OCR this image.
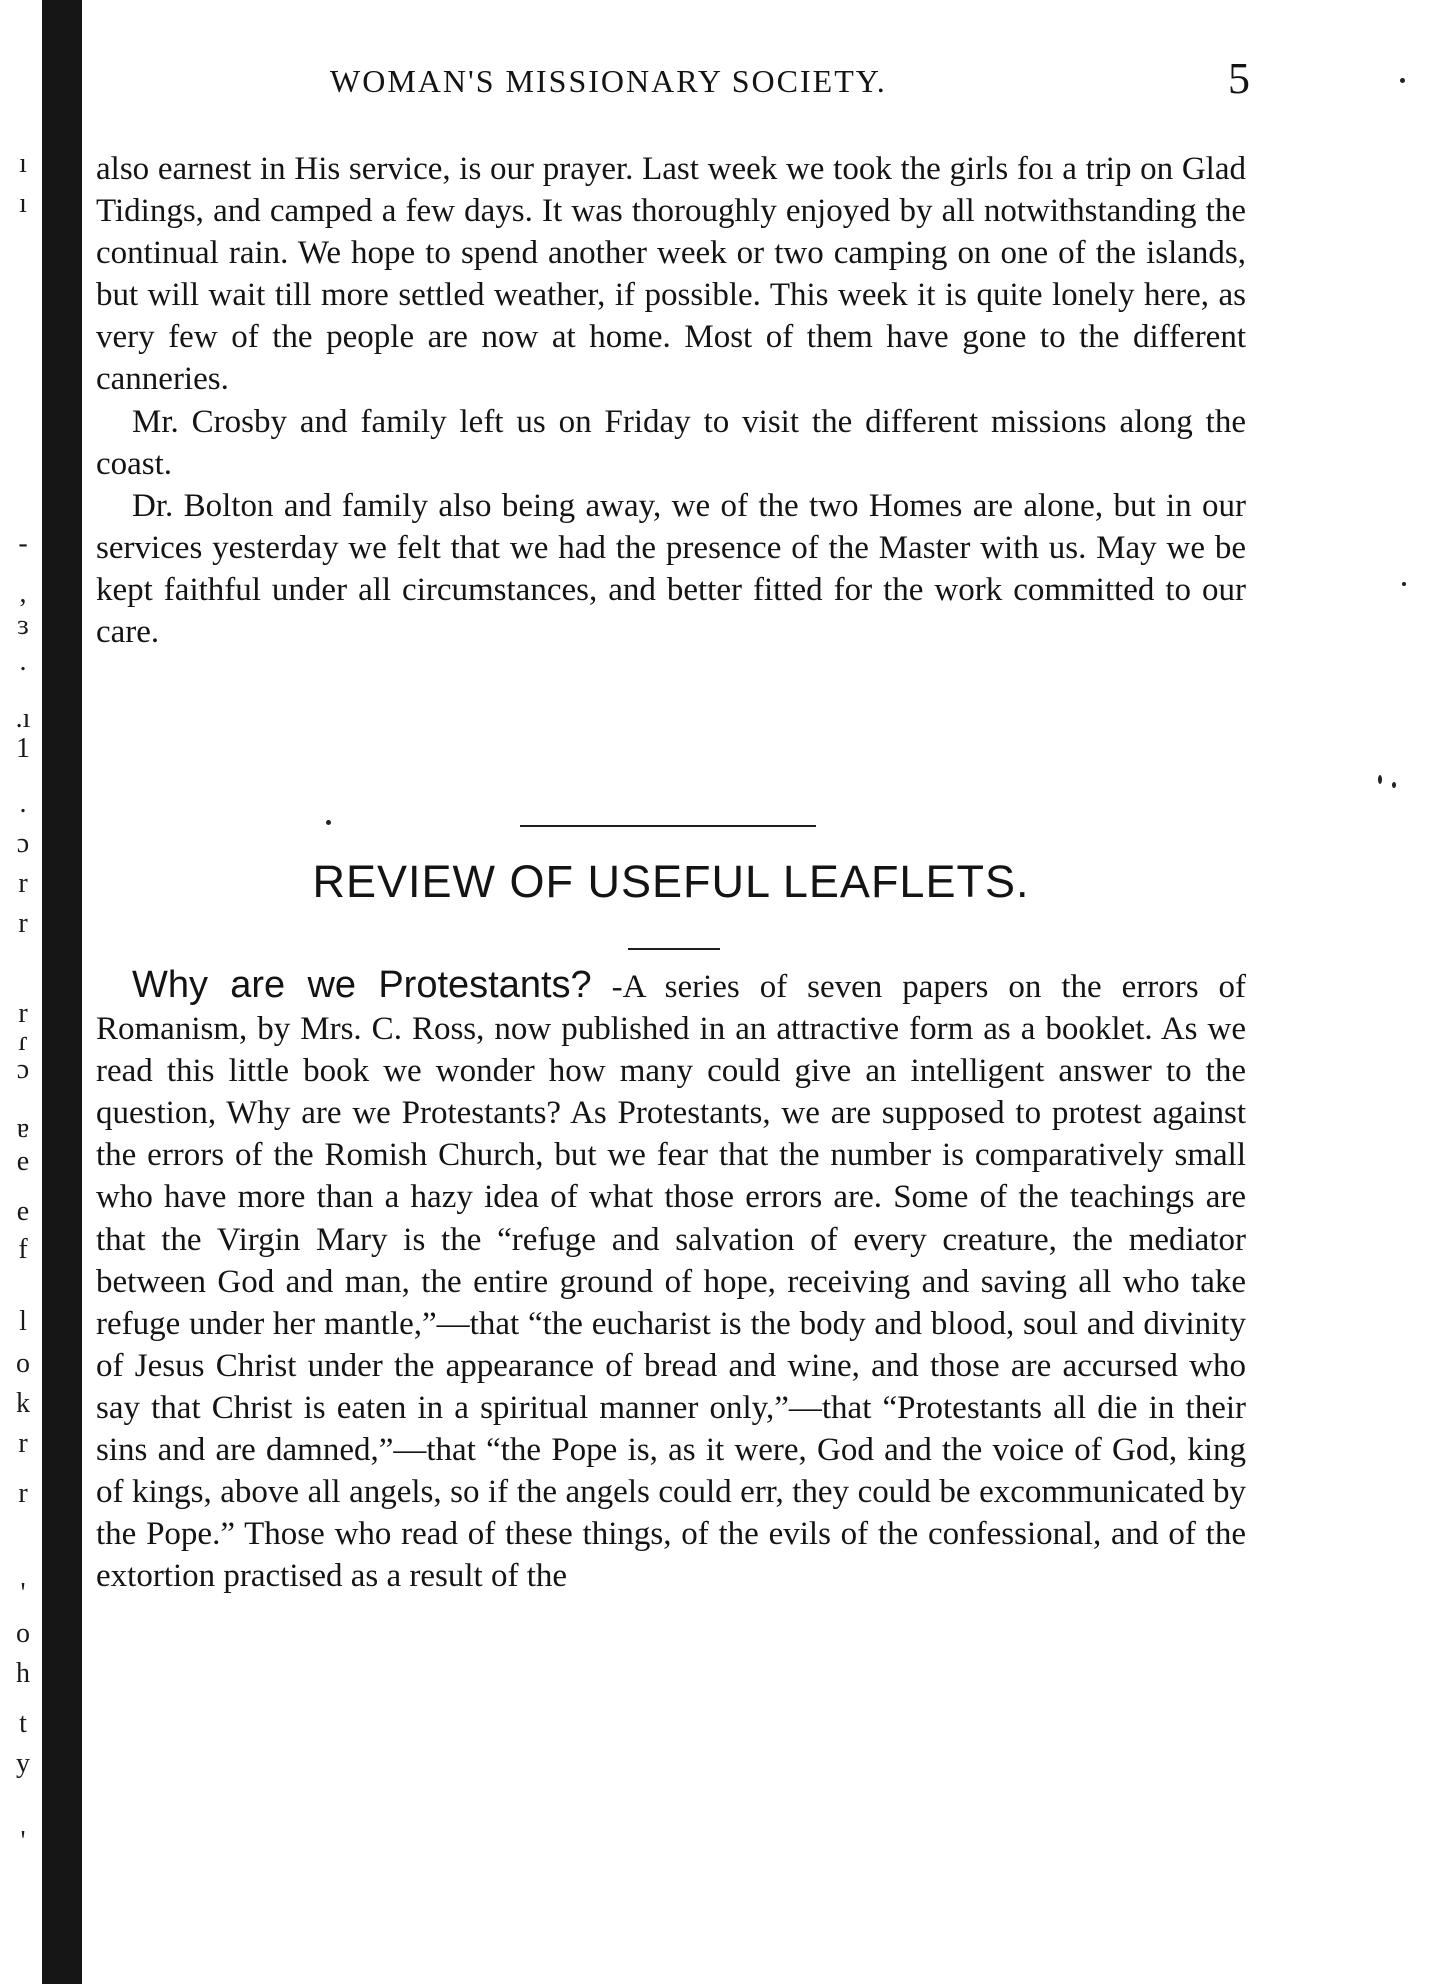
ı
ı
-
,
ɜ
.
.ı
1
.
ɔ
r
r
r
ɾ
ɔ
ɐ
e
e
f
l
o
k
r
r
'
o
h
t
y
'
WOMAN'S MISSIONARY SOCIETY.	5

also earnest in His service, is our prayer. Last week we took the girls foı a trip on Glad Tidings, and camped a few days. It was thoroughly enjoyed by all notwithstanding the continual rain. We hope to spend another week or two camping on one of the islands, but will wait till more settled weather, if possible. This week it is quite lonely here, as very few of the people are now at home. Most of them have gone to the different canneries.

Mr. Crosby and family left us on Friday to visit the different missions along the coast.

Dr. Bolton and family also being away, we of the two Homes are alone, but in our services yesterday we felt that we had the presence of the Master with us. May we be kept faithful under all circumstances, and better fitted for the work committed to our care.

REVIEW OF USEFUL LEAFLETS.

Why are we Protestants? -A series of seven papers on the errors of Romanism, by Mrs. C. Ross, now published in an attractive form as a booklet. As we read this little book we wonder how many could give an intelligent answer to the question, Why are we Protestants? As Protestants, we are supposed to protest against the errors of the Romish Church, but we fear that the number is comparatively small who have more than a hazy idea of what those errors are. Some of the teachings are that the Virgin Mary is the “refuge and salvation of every creature, the mediator between God and man, the entire ground of hope, receiving and saving all who take refuge under her mantle,”—that “the eucharist is the body and blood, soul and divinity of Jesus Christ under the appearance of bread and wine, and those are accursed who say that Christ is eaten in a spiritual manner only,”—that “Protestants all die in their sins and are damned,”—that “the Pope is, as it were, God and the voice of God, king of kings, above all angels, so if the angels could err, they could be excommunicated by the Pope.” Those who read of these things, of the evils of the confessional, and of the extortion practised as a result of the
